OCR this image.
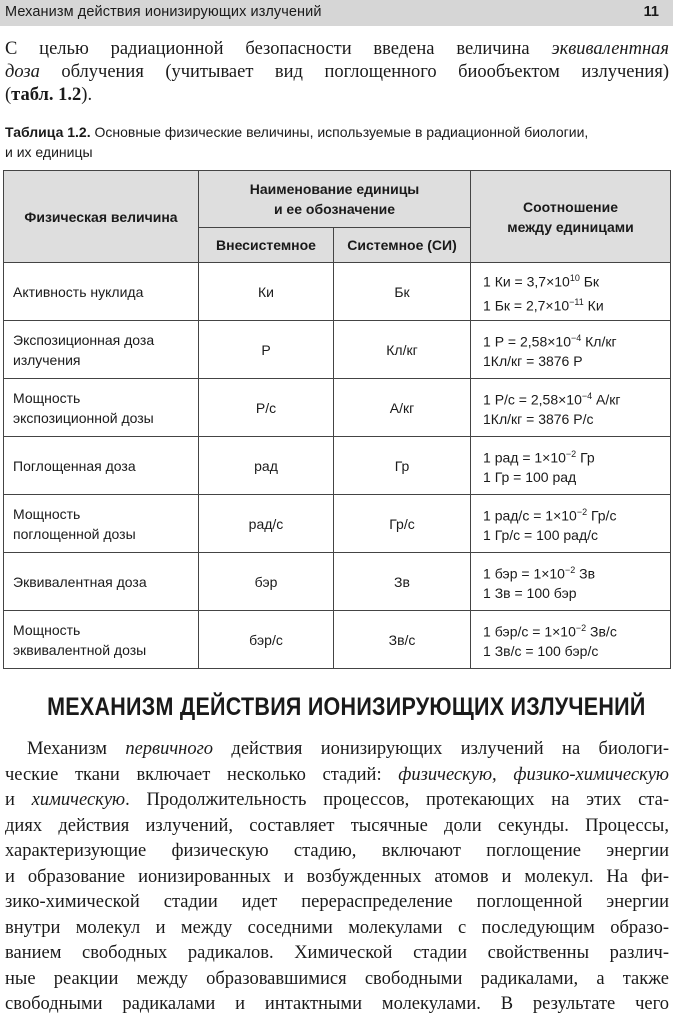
Механизм действия ионизирующих излучений	11
С целью радиационной безопасности введена величина эквивалентная
доза облучения (учитывает вид поглощенного биообъектом излучения)
(табл. 1.2).
Таблица 1.2. Основные физические величины, используемые в радиационной биологии,
и их единицы
Физическая величина	Наименование единицы
и ее обозначение		Соотношение
между единицами

	Внесистемное	Системное (СИ)	

Активность нуклида	Ки	Бк	1 Ки = $3,7\times 10^{10}$ Бк
1 Бк = $2,7\times 10^{-11}$ Ки

Экспозиционная доза
излучения	Р	Кл/кг	1 $Р = 2,58\times 10^{-4}$ Кл/кг
1Кл/кг = 3876 Р

Мощность
экспозиционной дозы	Р/с	А/кг	1 $Р/с = 2,58\times 10^{-4}$ А/кг
1Кл/кг = 3876 Р/с

Поглощенная доза	рад	Гр	1 рад = $1\times 10^{-2}$ Гр
1 Гр = 100 рад

Мощность
поглощенной дозы	рад/с	Гр/с	1 $рад/с = 1\times 10^{-2}$ Гр/с
1 Гр/с = 100 рад/с

Эквивалентная доза	бэр	Зв	1 бэр = $1\times 10^{-2}$ Зв
1 Зв = 100 бэр

Мощность
эквивалентной дозы	бэр/с	Зв/с	1 $бэр/с = 1\times 10^{-2}$ Зв/с
1 Зв/с = 100 бэр/с
МЕХАНИЗМ ДЕЙСТВИЯ ИОНИЗИРУЮЩИХ ИЗЛУЧЕНИЙ
Механизм первичного действия ионизирующих излучений на биологи-
ческие ткани включает несколько стадий: физическую, физико-химическую
и химическую. Продолжительность процессов, протекающих на этих ста-
диях действия излучений, составляет тысячные доли секунды. Процессы,
характеризующие физическую стадию, включают поглощение энергии
и образование ионизированных и возбужденных атомов и молекул. На фи-
зико-химической стадии идет перераспределение поглощенной энергии
внутри молекул и между соседними молекулами с последующим образо-
ванием свободных радикалов. Химической стадии свойственны различ-
ные реакции между образовавшимися свободными радикалами, а также
свободными радикалами и интактными молекулами. В результате чего
